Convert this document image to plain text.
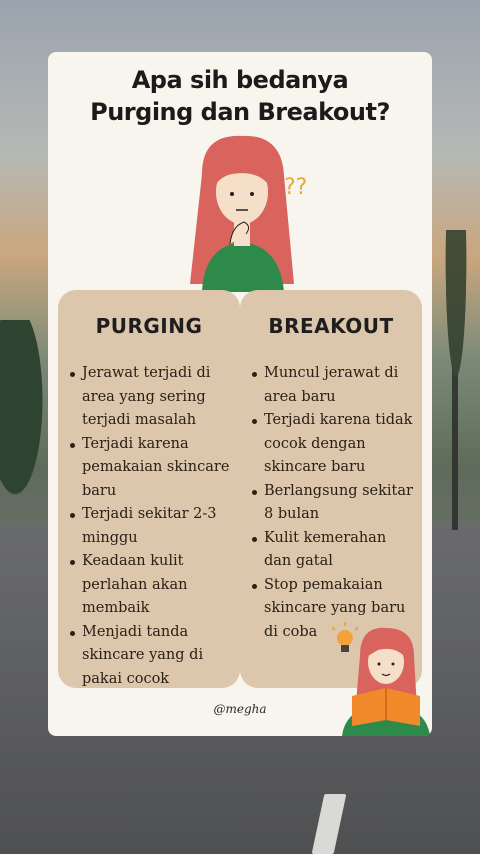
Apa sih bedanya
Purging dan Breakout?
??
PURGING
Jerawat terjadi di area yang sering terjadi masalah
Terjadi karena pemakaian skincare baru
Terjadi sekitar 2-3 minggu
Keadaan kulit perlahan akan membaik
Menjadi tanda skincare yang di pakai cocok
BREAKOUT
Muncul jerawat di area baru
Terjadi karena tidak cocok dengan skincare baru
Berlangsung sekitar 8 bulan
Kulit kemerahan dan gatal
Stop pemakaian skincare yang baru di coba
@megha
